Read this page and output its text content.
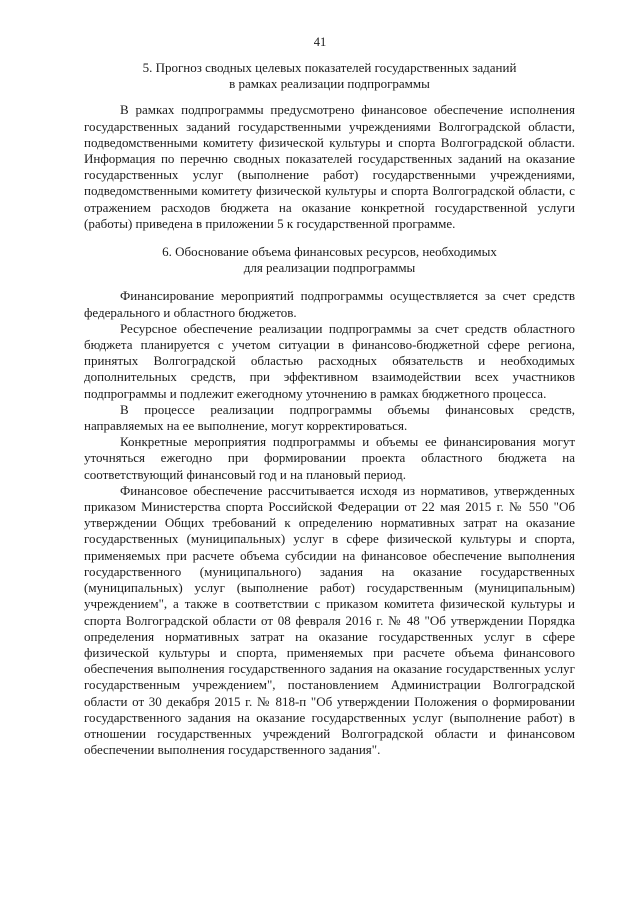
41
5. Прогноз сводных целевых показателей государственных заданий
в рамках реализации подпрограммы

В рамках подпрограммы предусмотрено финансовое обеспечение исполнения государственных заданий государственными учреждениями Волгоградской области, подведомственными комитету физической культуры и спорта Волгоградской области. Информация по перечню сводных показателей государственных заданий на оказание государственных услуг (выполнение работ) государственными учреждениями, подведомственными комитету физической культуры и спорта Волгоградской области, с отражением расходов бюджета на оказание конкретной государственной услуги (работы) приведена в приложении 5 к государственной программе.

6. Обоснование объема финансовых ресурсов, необходимых
для реализации подпрограммы

Финансирование мероприятий подпрограммы осуществляется за счет средств федерального и областного бюджетов.

Ресурсное обеспечение реализации подпрограммы за счет средств областного бюджета планируется с учетом ситуации в финансово-бюджетной сфере региона, принятых Волгоградской областью расходных обязательств и необходимых дополнительных средств, при эффективном взаимодействии всех участников подпрограммы и подлежит ежегодному уточнению в рамках бюджетного процесса.

В процессе реализации подпрограммы объемы финансовых средств, направляемых на ее выполнение, могут корректироваться.

Конкретные мероприятия подпрограммы и объемы ее финансирования могут уточняться ежегодно при формировании проекта областного бюджета на соответствующий финансовый год и на плановый период.

Финансовое обеспечение рассчитывается исходя из нормативов, утвержденных приказом Министерства спорта Российской Федерации от 22 мая 2015 г. № 550 "Об утверждении Общих требований к определению нормативных затрат на оказание государственных (муниципальных) услуг в сфере физической культуры и спорта, применяемых при расчете объема субсидии на финансовое обеспечение выполнения государственного (муниципального) задания на оказание государственных (муниципальных) услуг (выполнение работ) государственным (муниципальным) учреждением", а также в соответствии с приказом комитета физической культуры и спорта Волгоградской области от 08 февраля 2016 г. № 48 "Об утверждении Порядка определения нормативных затрат на оказание государственных услуг в сфере физической культуры и спорта, применяемых при расчете объема финансового обеспечения выполнения государственного задания на оказание государственных услуг государственным учреждением", постановлением Администрации Волгоградской области от 30 декабря 2015 г. № 818-п "Об утверждении Положения о формировании государственного задания на оказание государственных услуг (выполнение работ) в отношении государственных учреждений Волгоградской области и финансовом обеспечении выполнения государственного задания".
